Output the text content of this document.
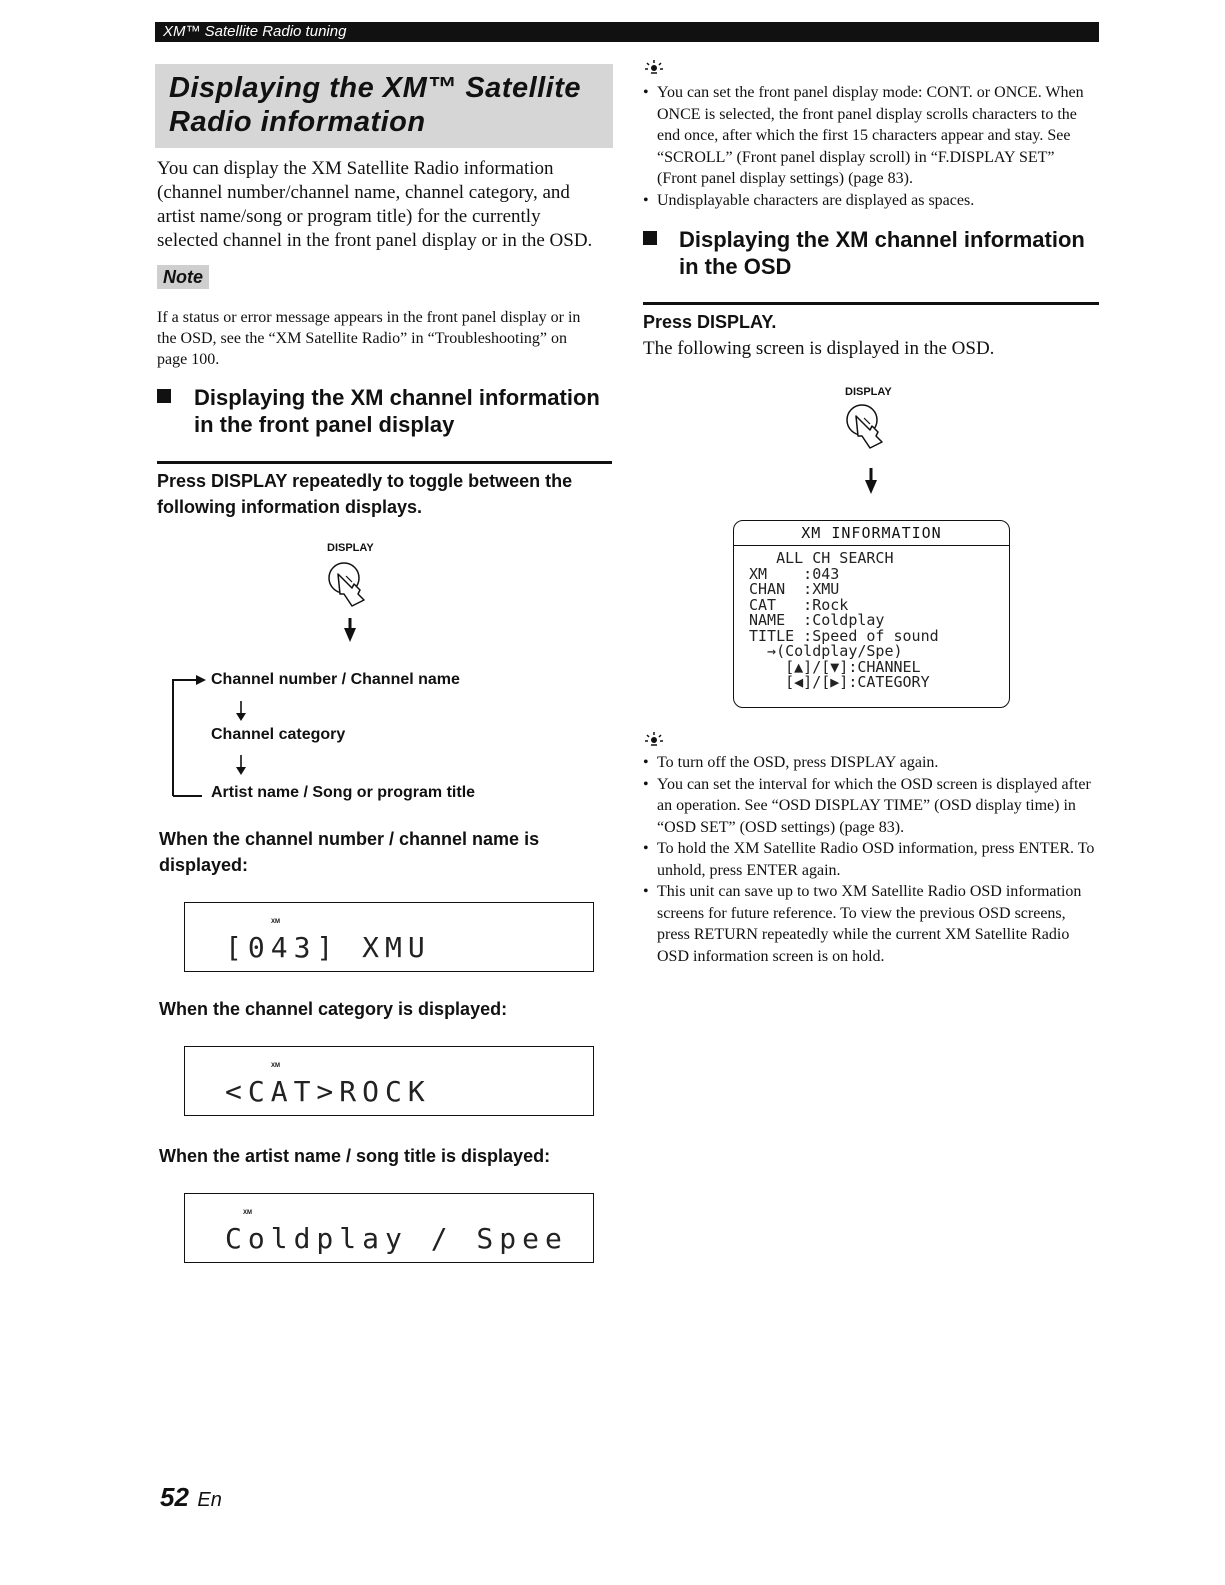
XM™ Satellite Radio tuning
Displaying the XM™ Satellite
Radio information
You can display the XM Satellite Radio information
(channel number/channel name, channel category, and
artist name/song or program title) for the currently
selected channel in the front panel display or in the OSD.
Note
If a status or error message appears in the front panel display or in
the OSD, see the “XM Satellite Radio” in “Troubleshooting” on
page 100.
Displaying the XM channel information
in the front panel display
Press DISPLAY repeatedly to toggle between the
following information displays.
DISPLAY
Channel number / Channel name
Channel category
Artist name / Song or program title
When the channel number / channel name is
displayed:
XM
[043] XMU
When the channel category is displayed:
XM
<CAT>ROCK
When the artist name / song title is displayed:
XM
Coldplay / Spee
• You can set the front panel display mode: CONT. or ONCE. When ONCE is selected, the front panel display scrolls characters to the end once, after which the first 15 characters appear and stay. See “SCROLL” (Front panel display scroll) in “F.DISPLAY SET” (Front panel display settings) (page 83).
• Undisplayable characters are displayed as spaces.
Displaying the XM channel information
in the OSD
Press DISPLAY.
The following screen is displayed in the OSD.
DISPLAY
XM INFORMATION
ALL CH SEARCH
XM    :043
CHAN  :XMU
CAT   :Rock
NAME  :Coldplay
TITLE :Speed of sound
→(Coldplay/Spe)
[▲]/[▼]:CHANNEL
[◀]/[▶]:CATEGORY
• To turn off the OSD, press DISPLAY again.
• You can set the interval for which the OSD screen is displayed after an operation. See “OSD DISPLAY TIME” (OSD display time) in “OSD SET” (OSD settings) (page 83).
• To hold the XM Satellite Radio OSD information, press ENTER. To unhold, press ENTER again.
• This unit can save up to two XM Satellite Radio OSD information screens for future reference. To view the previous OSD screens, press RETURN repeatedly while the current XM Satellite Radio OSD information screen is on hold.
52 En
